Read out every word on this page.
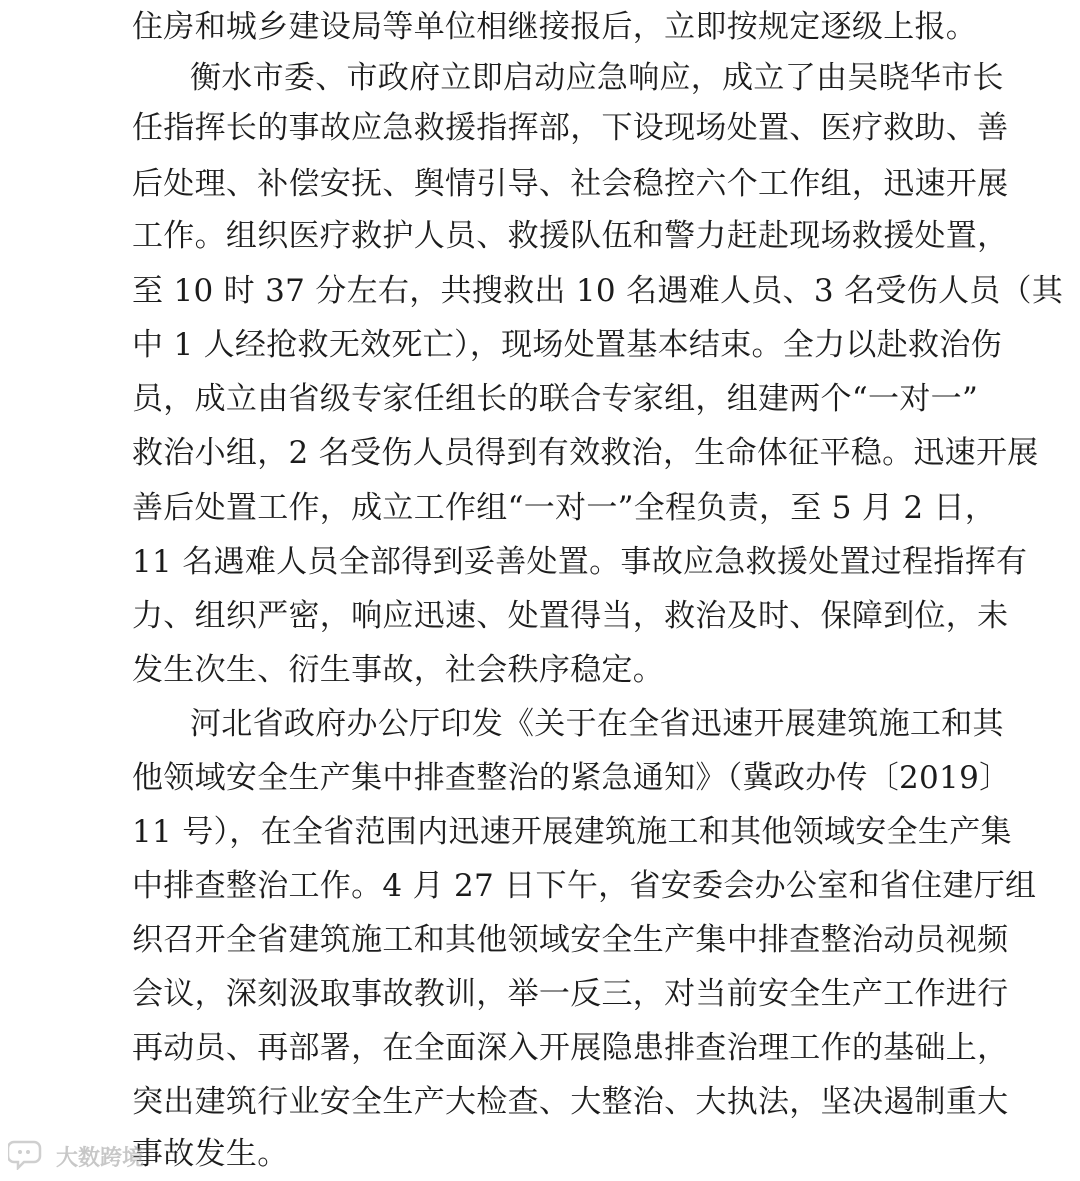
住房和城乡建设局等单位相继接报后，立即按规定逐级上报。
衡水市委、市政府立即启动应急响应，成立了由吴晓华市长
任指挥长的事故应急救援指挥部，下设现场处置、医疗救助、善
后处理、补偿安抚、舆情引导、社会稳控六个工作组，迅速开展
工作。组织医疗救护人员、救援队伍和警力赶赴现场救援处置，
至 10 时 37 分左右，共搜救出 10 名遇难人员、3 名受伤人员（其
中 1 人经抢救无效死亡），现场处置基本结束。全力以赴救治伤
员，成立由省级专家任组长的联合专家组，组建两个“一对一”
救治小组，2 名受伤人员得到有效救治，生命体征平稳。迅速开展
善后处置工作，成立工作组“一对一”全程负责，至 5 月 2 日，
11 名遇难人员全部得到妥善处置。事故应急救援处置过程指挥有
力、组织严密，响应迅速、处置得当，救治及时、保障到位，未
发生次生、衍生事故，社会秩序稳定。
河北省政府办公厅印发《关于在全省迅速开展建筑施工和其
他领域安全生产集中排查整治的紧急通知》（冀政办传〔2019〕
11 号），在全省范围内迅速开展建筑施工和其他领域安全生产集
中排查整治工作。4 月 27 日下午，省安委会办公室和省住建厅组
织召开全省建筑施工和其他领域安全生产集中排查整治动员视频
会议，深刻汲取事故教训，举一反三，对当前安全生产工作进行
再动员、再部署，在全面深入开展隐患排查治理工作的基础上，
突出建筑行业安全生产大检查、大整治、大执法，坚决遏制重大
事故发生。
大数跨境
